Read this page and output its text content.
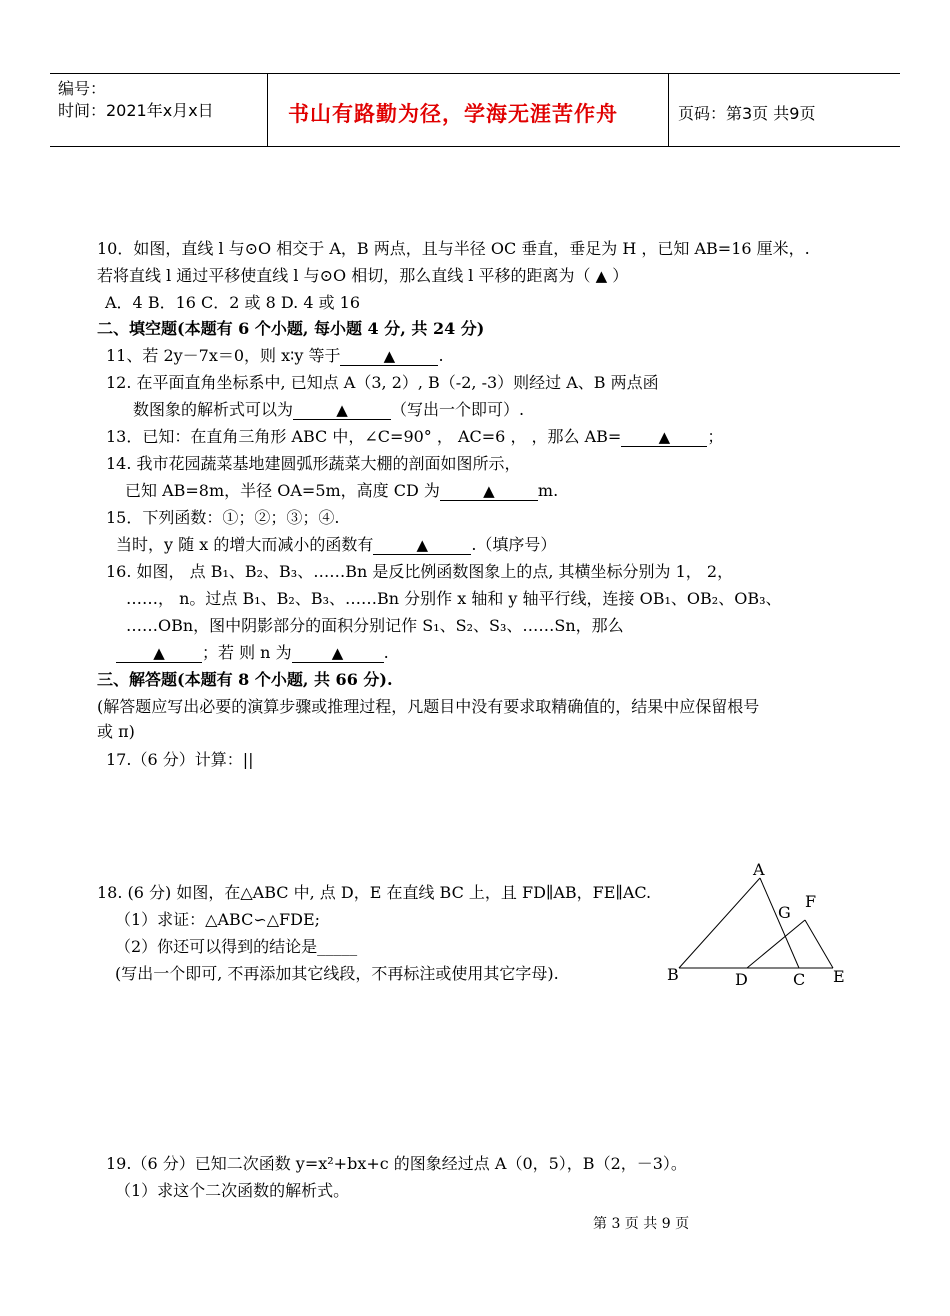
编号：
时间：2021年x月x日	书山有路勤为径，学海无涯苦作舟	页码：第3页 共9页
10．如图，直线 l 与⊙O 相交于 A，B 两点，且与半径 OC 垂直，垂足为 H ，已知 AB=16 厘米，.
若将直线 l 通过平移使直线 l 与⊙O 相切，那么直线 l 平移的距离为（ ▲ ）
A．4 B．16 C．2 或 8 D. 4 或 16
二、填空题(本题有 6 个小题, 每小题 4 分, 共 24 分)
11、若 2y－7x＝0，则 x∶y 等于	▲	.
12. 在平面直角坐标系中, 已知点 A（3, 2）, B（-2, -3）则经过 A、B 两点函
数图象的解析式可以为	▲	（写出一个即可）.
13．已知：在直角三角形 ABC 中，∠C=90° ， AC=6 ， ，那么 AB= ▲ ；
14. 我市花园蔬菜基地建圆弧形蔬菜大棚的剖面如图所示，
已知 AB=8m，半径 OA=5m，高度 CD 为	▲	m.
15．下列函数：①；②；③；④.
当时，y 随 x 的增大而减小的函数有	▲	.（填序号）
16. 如图， 点 B₁、B₂、B₃、……Bn 是反比例函数图象上的点, 其横坐标分别为 1， 2，
……， n。过点 B₁、B₂、B₃、……Bn 分别作 x 轴和 y 轴平行线，连接 OB₁、OB₂、OB₃、
……OBn，图中阴影部分的面积分别记作 S₁、S₂、S₃、……Sn，那么
▲ ；若 则 n 为	▲	.
三、解答题(本题有 8 个小题, 共 66 分).
(解答题应写出必要的演算步骤或推理过程，凡题目中没有要求取精确值的，结果中应保留根号
或 π)
17.（6 分）计算：||
18. (6 分) 如图，在△ABC 中, 点 D，E 在直线 BC 上，且 FD∥AB，FE∥AC.
（1）求证：△ABC∽△FDE;
（2）你还可以得到的结论是_____
(写出一个即可, 不再添加其它线段，不再标注或使用其它字母).
A
B	C
D	E
F
G
19.（6 分）已知二次函数 y=x²+bx+c 的图象经过点 A（0，5），B（2，－3）。
（1）求这个二次函数的解析式。
第 3 页 共 9 页
